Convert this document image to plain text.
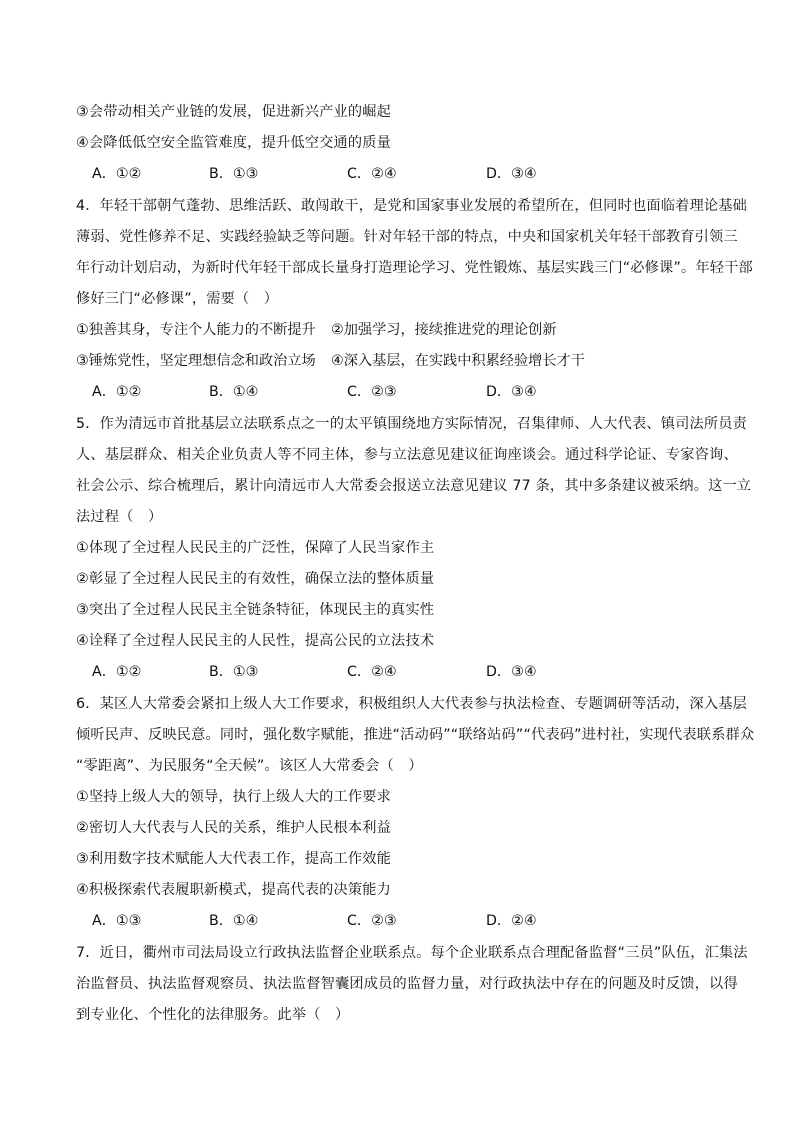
③会带动相关产业链的发展，促进新兴产业的崛起
④会降低低空安全监管难度，提升低空交通的质量
A．①②	B．①③	C．②④	D．③④
4．年轻干部朝气蓬勃、思维活跃、敢闯敢干，是党和国家事业发展的希望所在，但同时也面临着理论基础
薄弱、党性修养不足、实践经验缺乏等问题。针对年轻干部的特点，中央和国家机关年轻干部教育引领三
年行动计划启动，为新时代年轻干部成长量身打造理论学习、党性锻炼、基层实践三门“必修课”。年轻干部
修好三门“必修课”，需要（　）
①独善其身，专注个人能力的不断提升 ②加强学习，接续推进党的理论创新
③锤炼党性，坚定理想信念和政治立场 ④深入基层，在实践中积累经验增长才干
A．①②	B．①④	C．②③	D．③④
5．作为清远市首批基层立法联系点之一的太平镇围绕地方实际情况，召集律师、人大代表、镇司法所员责
人、基层群众、相关企业负责人等不同主体，参与立法意见建议征询座谈会。通过科学论证、专家咨询、
社会公示、综合梳理后，累计向清远市人大常委会报送立法意见建议 77 条，其中多条建议被采纳。这一立
法过程（　）
①体现了全过程人民民主的广泛性，保障了人民当家作主
②彰显了全过程人民民主的有效性，确保立法的整体质量
③突出了全过程人民民主全链条特征，体现民主的真实性
④诠释了全过程人民民主的人民性，提高公民的立法技术
A．①②	B．①③	C．②④	D．③④
6．某区人大常委会紧扣上级人大工作要求，积极组织人大代表参与执法检查、专题调研等活动，深入基层
倾听民声、反映民意。同时，强化数字赋能，推进“活动码”“联络站码”“代表码”进村社，实现代表联系群众
“零距离”、为民服务“全天候”。该区人大常委会（　）
①坚持上级人大的领导，执行上级人大的工作要求
②密切人大代表与人民的关系，维护人民根本利益
③利用数字技术赋能人大代表工作，提高工作效能
④积极探索代表履职新模式，提高代表的决策能力
A．①③	B．①④	C．②③	D．②④
7．近日，衢州市司法局设立行政执法监督企业联系点。每个企业联系点合理配备监督“三员”队伍，汇集法
治监督员、执法监督观察员、执法监督智囊团成员的监督力量，对行政执法中存在的问题及时反馈，以得
到专业化、个性化的法律服务。此举（　）
